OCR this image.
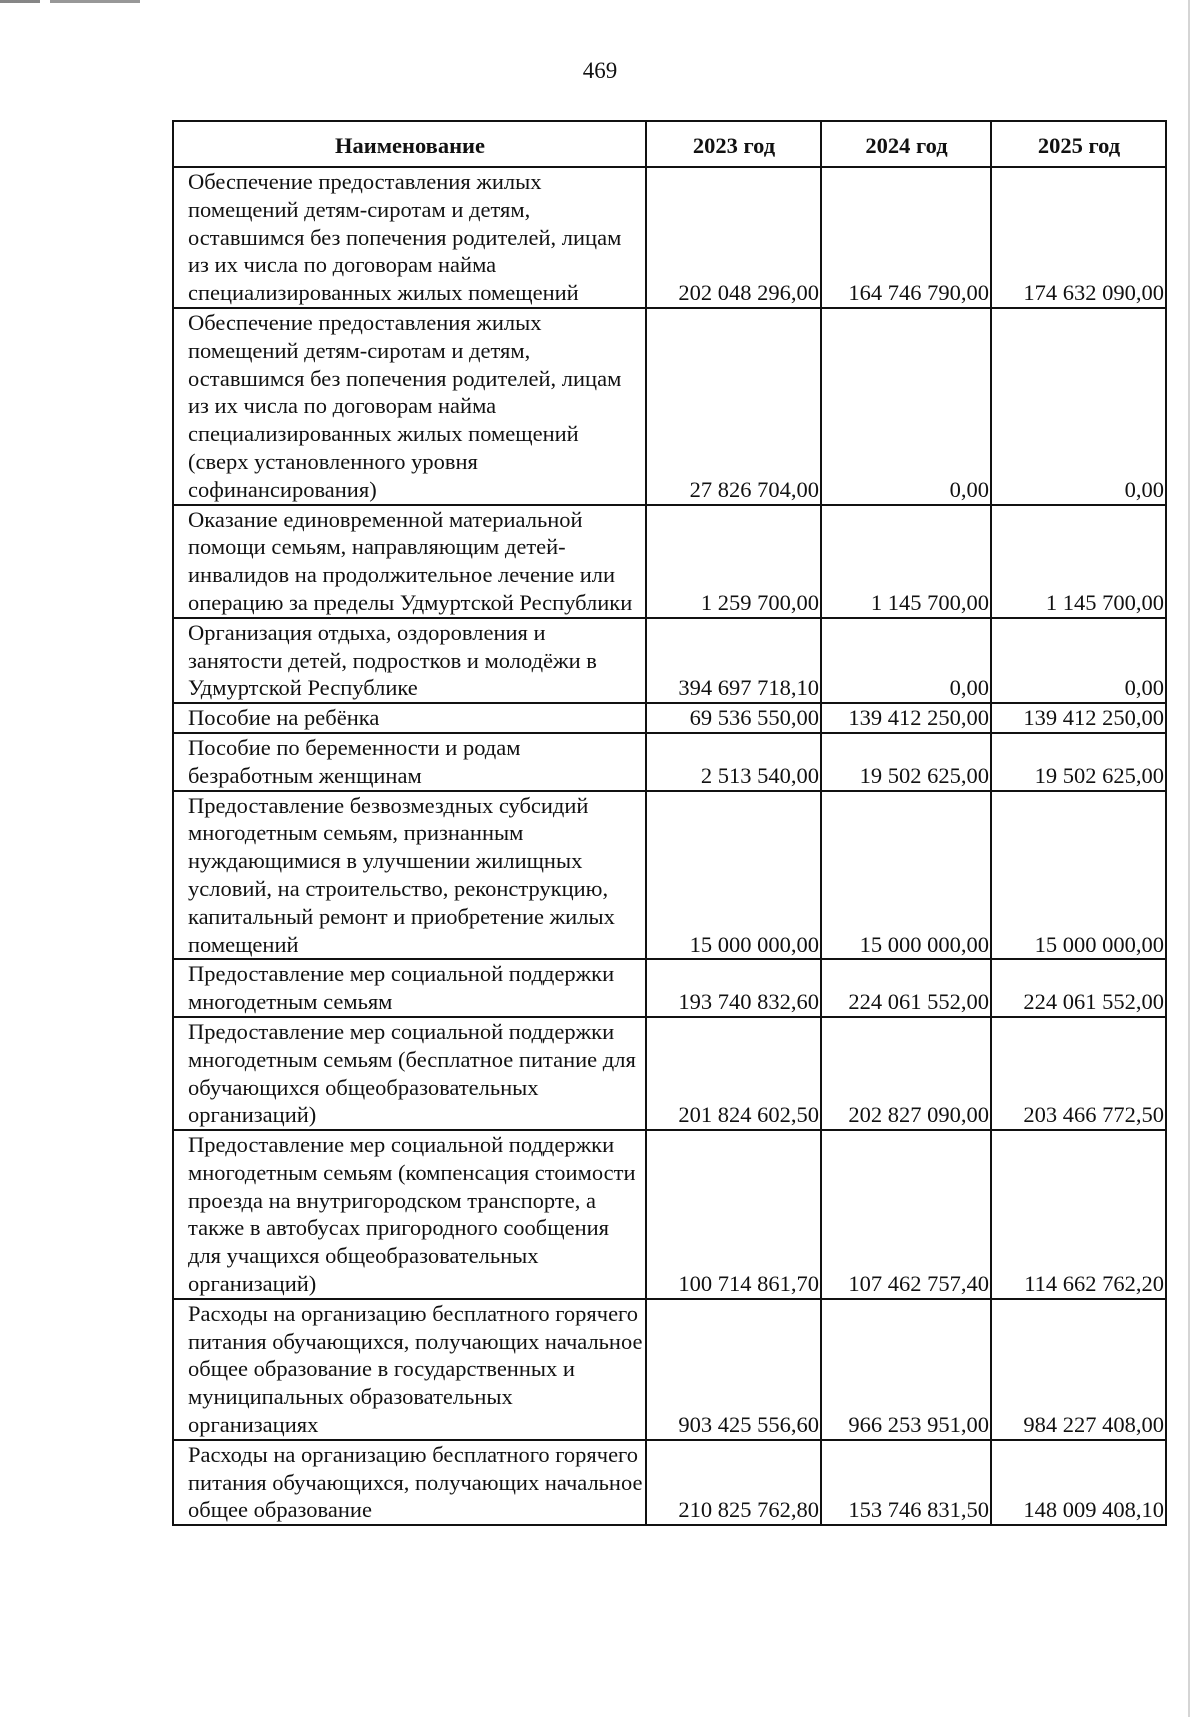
469
Наименование	2023 год	2024 год	2025 год
Обеспечение предоставления жилых помещений детям-сиротам и детям, оставшимся без попечения родителей, лицам из их числа по договорам найма специализированных жилых помещений	202 048 296,00	164 746 790,00	174 632 090,00
Обеспечение предоставления жилых помещений детям-сиротам и детям, оставшимся без попечения родителей, лицам из их числа по договорам найма специализированных жилых помещений (сверх установленного уровня софинансирования)	27 826 704,00	0,00	0,00
Оказание единовременной материальной помощи семьям, направляющим детей-инвалидов на продолжительное лечение или операцию за пределы Удмуртской Республики	1 259 700,00	1 145 700,00	1 145 700,00
Организация отдыха, оздоровления и занятости детей, подростков и молодёжи в Удмуртской Республике	394 697 718,10	0,00	0,00
Пособие на ребёнка	69 536 550,00	139 412 250,00	139 412 250,00
Пособие по беременности и родам безработным женщинам	2 513 540,00	19 502 625,00	19 502 625,00
Предоставление безвозмездных субсидий многодетным семьям, признанным нуждающимися в улучшении жилищных условий, на строительство, реконструкцию, капитальный ремонт и приобретение жилых помещений	15 000 000,00	15 000 000,00	15 000 000,00
Предоставление мер социальной поддержки многодетным семьям	193 740 832,60	224 061 552,00	224 061 552,00
Предоставление мер социальной поддержки многодетным семьям (бесплатное питание для обучающихся общеобразовательных организаций)	201 824 602,50	202 827 090,00	203 466 772,50
Предоставление мер социальной поддержки многодетным семьям (компенсация стоимости проезда на внутригородском транспорте, а также в автобусах пригородного сообщения для учащихся общеобразовательных организаций)	100 714 861,70	107 462 757,40	114 662 762,20
Расходы на организацию бесплатного горячего питания обучающихся, получающих начальное общее образование в государственных и муниципальных образовательных организациях	903 425 556,60	966 253 951,00	984 227 408,00
Расходы на организацию бесплатного горячего питания обучающихся, получающих начальное общее образование	210 825 762,80	153 746 831,50	148 009 408,10
